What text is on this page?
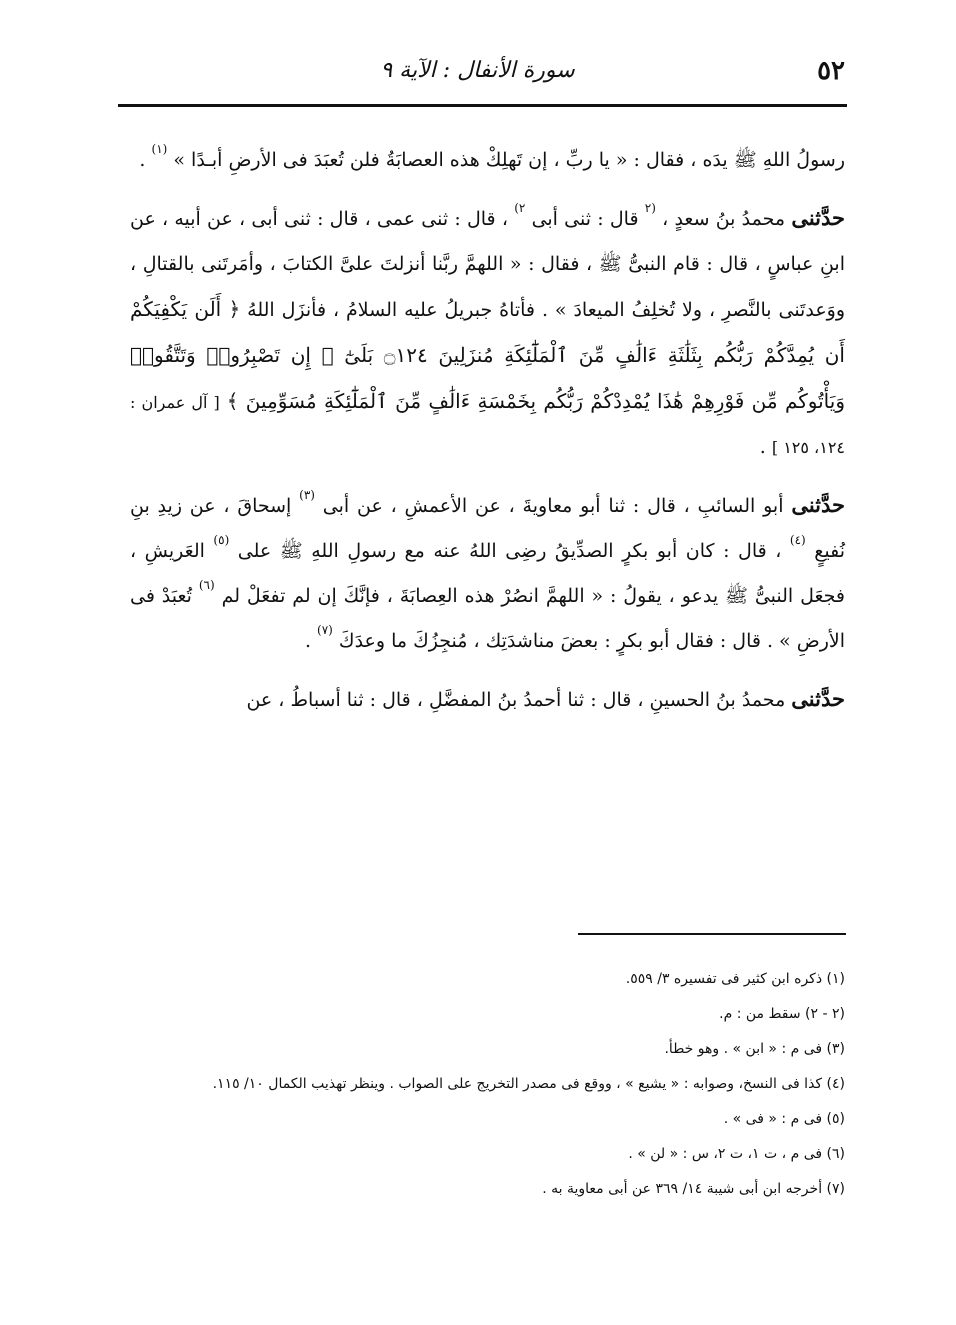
٥٢
سورة الأنفال : الآية ٩

رسولُ اللهِ ﷺ يدَه ، فقال : « يا ربِّ ، إن تَهلِكْ هذه العصابَةُ فلن تُعبَدَ فى الأرضِ أبـدًا » $^{(١)}$ .

حدَّثنى محمدُ بنُ سعدٍ ، $^{(٢}$ قال : ثنى أبى $^{٢)}$ ، قال : ثنى عمى ، قال : ثنى أبى ، عن أبيه ، عن ابنِ عباسٍ ، قال : قام النبىُّ ﷺ ، فقال : « اللهمَّ ربَّنا أنزلتَ علىَّ الكتابَ ، وأمَرتَنى بالقتالِ ، ووَعدتَنى بالنَّصرِ ، ولا تُخلِفُ الميعادَ » . فأتاهُ جبريلُ عليه السلامُ ، فأنزَل اللهُ ﴿ أَلَن يَكْفِيَكُمْ أَن يُمِدَّكُمْ رَبُّكُم بِثَلَٰثَةِ ءَالَٰفٍ مِّنَ ٱلْمَلَٰٓئِكَةِ مُنزَلِينَ ۝١٢٤ بَلَىٰٓ ۚ إِن تَصْبِرُوا۟ وَتَتَّقُوا۟ وَيَأْتُوكُم مِّن فَوْرِهِمْ هَٰذَا يُمْدِدْكُمْ رَبُّكُم بِخَمْسَةِ ءَالَٰفٍ مِّنَ ٱلْمَلَٰٓئِكَةِ مُسَوِّمِينَ ﴾ [ آل عمران : ١٢٤، ١٢٥ ] .

حدَّثنى أبو السائبِ ، قال : ثنا أبو معاويةَ ، عن الأعمشِ ، عن أبى $^{(٣)}$ إسحاقَ ، عن زيدِ بنِ نُفيعٍ $^{(٤)}$ ، قال : كان أبو بكرٍ الصدِّيقُ رضِى اللهُ عنه مع رسولِ اللهِ ﷺ على $^{(٥)}$ العَريشِ ، فجعَل النبىُّ ﷺ يدعو ، يقولُ : « اللهمَّ انصُرْ هذه العِصابَةَ ، فإنَّكَ إن لم تفعَلْ لم $^{(٦)}$ تُعبَدْ فى الأرضِ » . قال : فقال أبو بكرٍ : بعضَ مناشدَتِك ، مُنجِزُكَ ما وعدَكَ $^{(٧)}$ .

حدَّثنى محمدُ بنُ الحسينِ ، قال : ثنا أحمدُ بنُ المفضَّلِ ، قال : ثنا أسباطُ ، عن

(١) ذكره ابن كثير فى تفسيره ٣/ ٥٥٩.

(٢ - ٢) سقط من : م.

(٣) فى م : « ابن » . وهو خطأ.

(٤) كذا فى النسخ، وصوابه : « يشيع » ، ووقع فى مصدر التخريج على الصواب . وينظر تهذيب الكمال ١٠/ ١١٥.

(٥) فى م : « فى » .

(٦) فى م ، ت ١، ت ٢، س : « لن » .

(٧) أخرجه ابن أبى شيبة ١٤/ ٣٦٩ عن أبى معاوية به .
